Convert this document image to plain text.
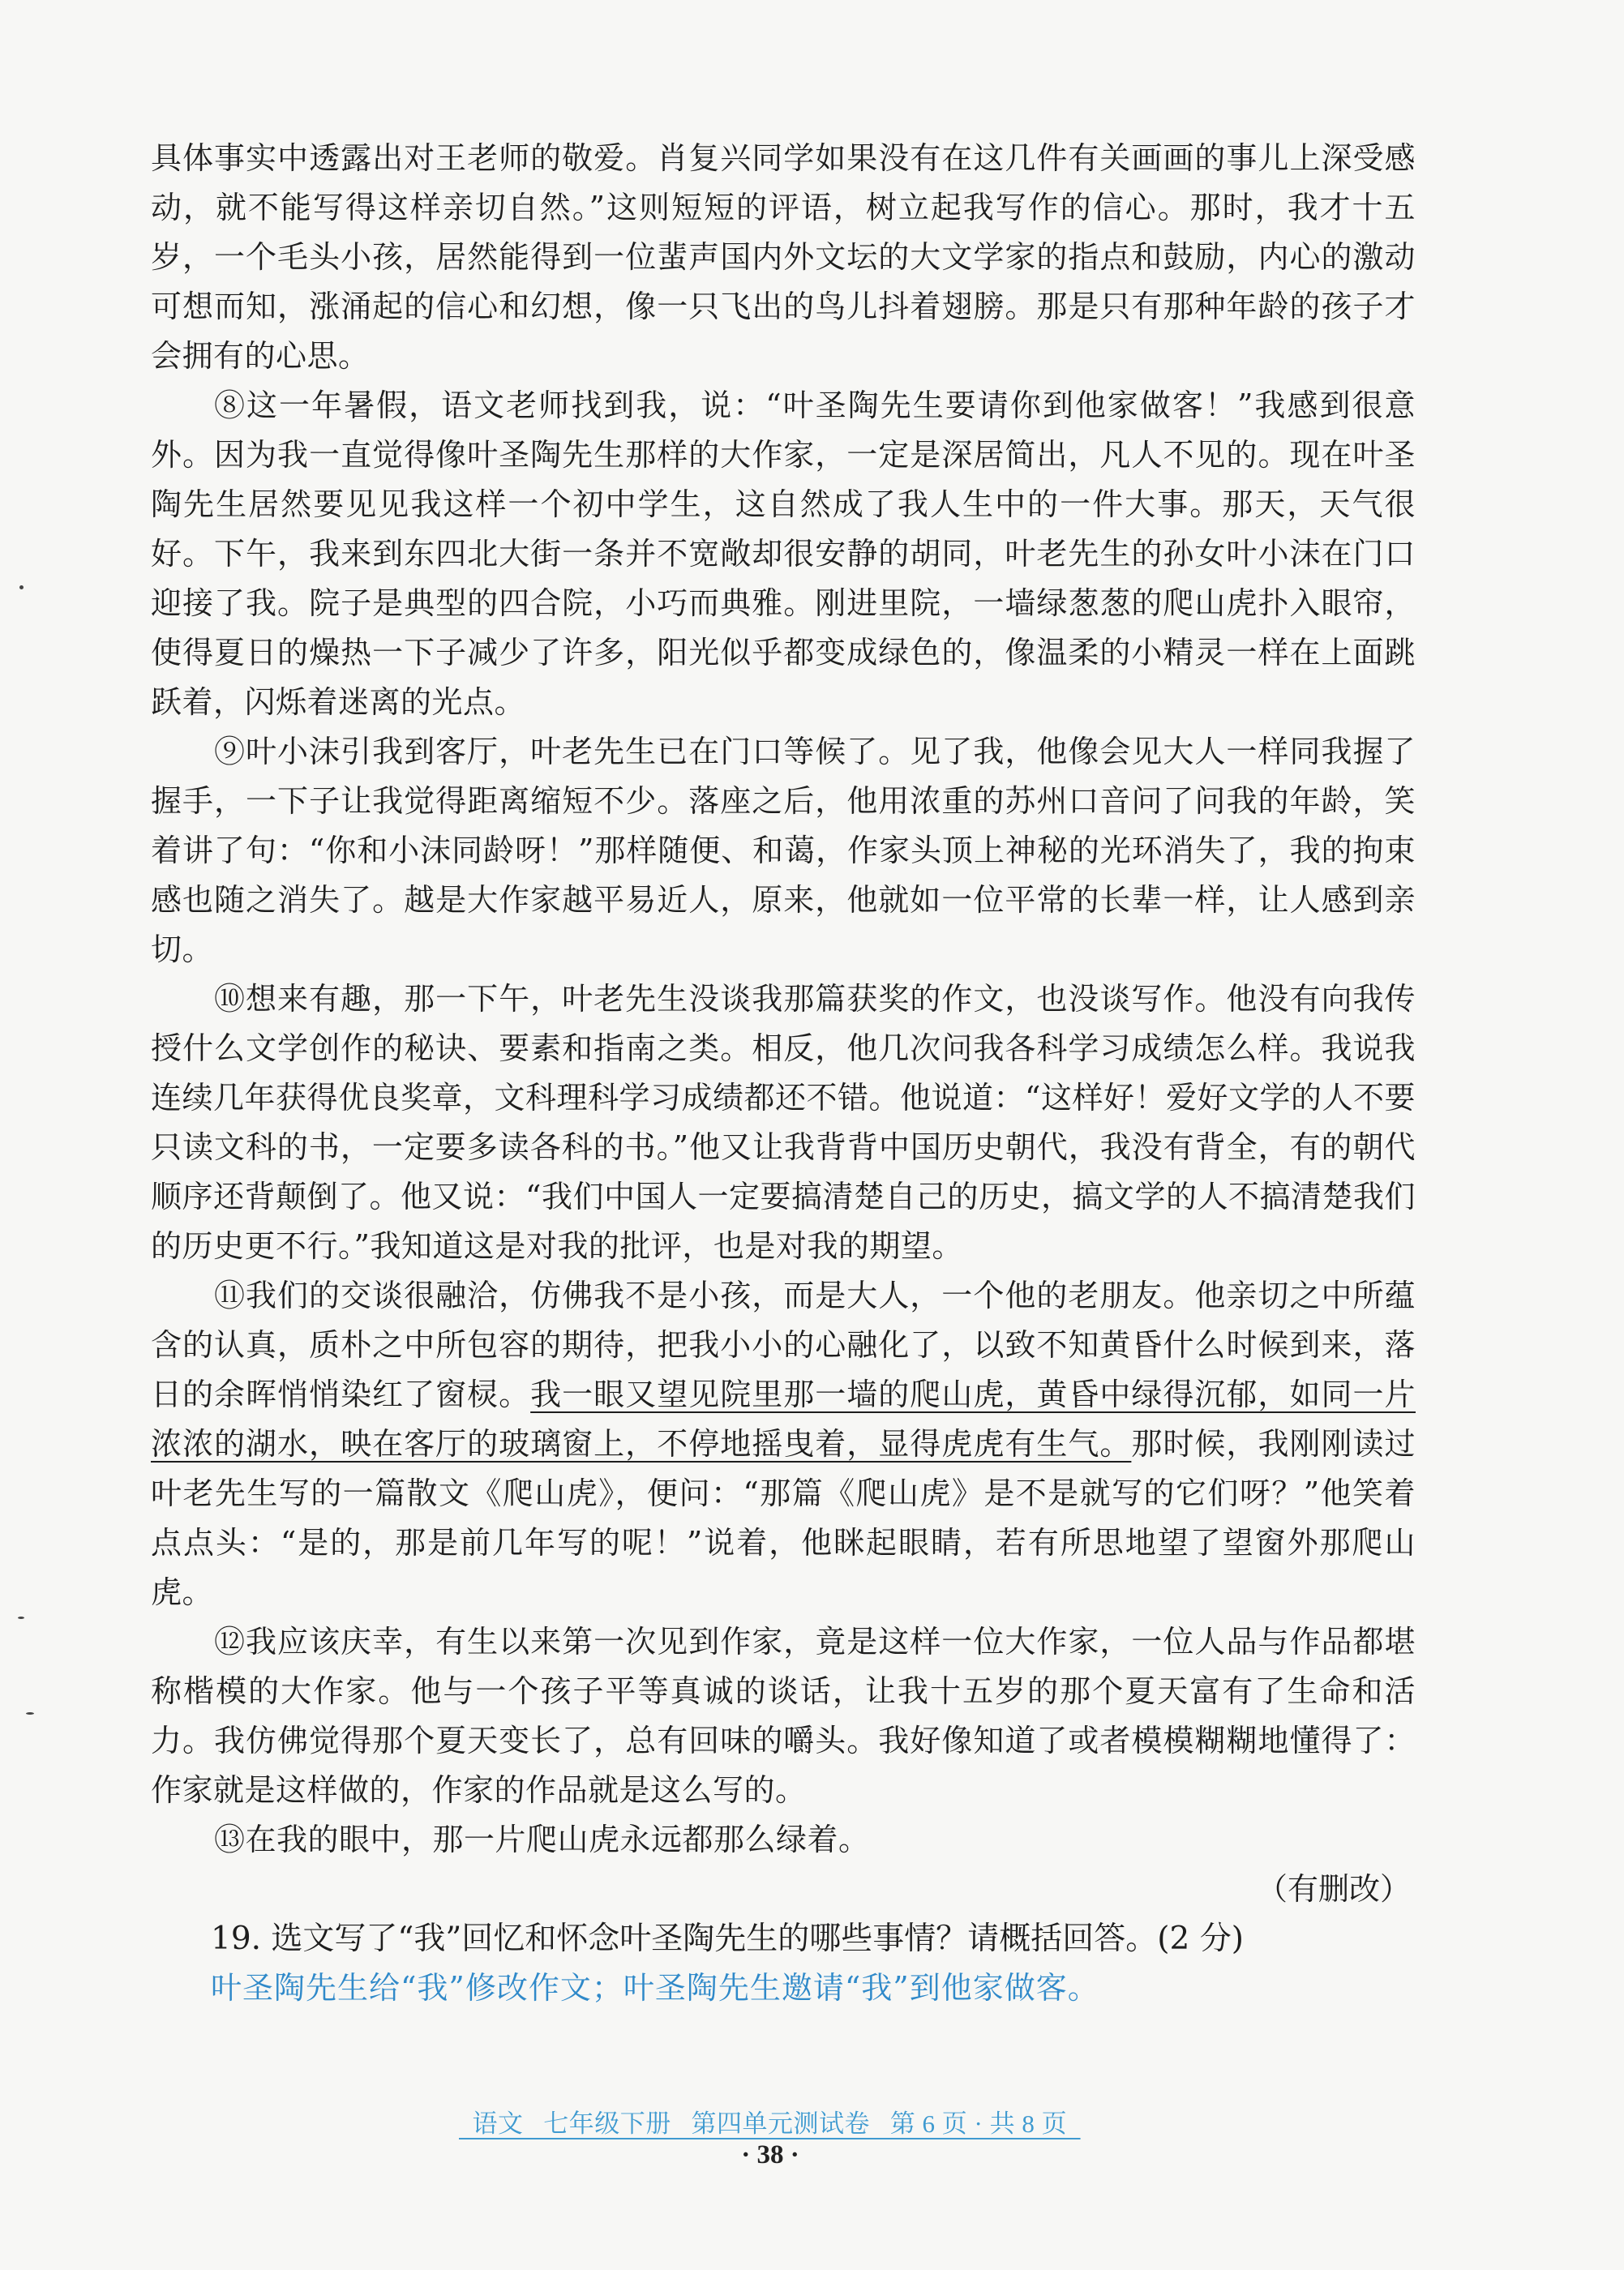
具体事实中透露出对王老师的敬爱。肖复兴同学如果没有在这几件有关画画的事儿上深受感动，就不能写得这样亲切自然。”这则短短的评语，树立起我写作的信心。那时，我才十五岁，一个毛头小孩，居然能得到一位蜚声国内外文坛的大文学家的指点和鼓励，内心的激动可想而知，涨涌起的信心和幻想，像一只飞出的鸟儿抖着翅膀。那是只有那种年龄的孩子才会拥有的心思。

⑧这一年暑假，语文老师找到我，说：“叶圣陶先生要请你到他家做客！”我感到很意外。因为我一直觉得像叶圣陶先生那样的大作家，一定是深居简出，凡人不见的。现在叶圣陶先生居然要见见我这样一个初中学生，这自然成了我人生中的一件大事。那天，天气很好。下午，我来到东四北大街一条并不宽敞却很安静的胡同，叶老先生的孙女叶小沫在门口迎接了我。院子是典型的四合院，小巧而典雅。刚进里院，一墙绿葱葱的爬山虎扑入眼帘，使得夏日的燥热一下子减少了许多，阳光似乎都变成绿色的，像温柔的小精灵一样在上面跳跃着，闪烁着迷离的光点。

⑨叶小沫引我到客厅，叶老先生已在门口等候了。见了我，他像会见大人一样同我握了握手，一下子让我觉得距离缩短不少。落座之后，他用浓重的苏州口音问了问我的年龄，笑着讲了句：“你和小沫同龄呀！”那样随便、和蔼，作家头顶上神秘的光环消失了，我的拘束感也随之消失了。越是大作家越平易近人，原来，他就如一位平常的长辈一样，让人感到亲切。

⑩想来有趣，那一下午，叶老先生没谈我那篇获奖的作文，也没谈写作。他没有向我传授什么文学创作的秘诀、要素和指南之类。相反，他几次问我各科学习成绩怎么样。我说我连续几年获得优良奖章，文科理科学习成绩都还不错。他说道：“这样好！爱好文学的人不要只读文科的书，一定要多读各科的书。”他又让我背背中国历史朝代，我没有背全，有的朝代顺序还背颠倒了。他又说：“我们中国人一定要搞清楚自己的历史，搞文学的人不搞清楚我们的历史更不行。”我知道这是对我的批评，也是对我的期望。

⑪我们的交谈很融洽，仿佛我不是小孩，而是大人，一个他的老朋友。他亲切之中所蕴含的认真，质朴之中所包容的期待，把我小小的心融化了，以致不知黄昏什么时候到来，落日的余晖悄悄染红了窗棂。我一眼又望见院里那一墙的爬山虎，黄昏中绿得沉郁，如同一片浓浓的湖水，映在客厅的玻璃窗上，不停地摇曳着，显得虎虎有生气。那时候，我刚刚读过叶老先生写的一篇散文《爬山虎》，便问：“那篇《爬山虎》是不是就写的它们呀？”他笑着点点头：“是的，那是前几年写的呢！”说着，他眯起眼睛，若有所思地望了望窗外那爬山虎。

⑫我应该庆幸，有生以来第一次见到作家，竟是这样一位大作家，一位人品与作品都堪称楷模的大作家。他与一个孩子平等真诚的谈话，让我十五岁的那个夏天富有了生命和活力。我仿佛觉得那个夏天变长了，总有回味的嚼头。我好像知道了或者模模糊糊地懂得了：作家就是这样做的，作家的作品就是这么写的。

⑬在我的眼中，那一片爬山虎永远都那么绿着。

（有删改）

19. 选文写了“我”回忆和怀念叶圣陶先生的哪些事情？请概括回答。(2 分)

叶圣陶先生给“我”修改作文；叶圣陶先生邀请“我”到他家做客。

语文   七年级下册   第四单元测试卷   第 6 页 · 共 8 页
· 38 ·
